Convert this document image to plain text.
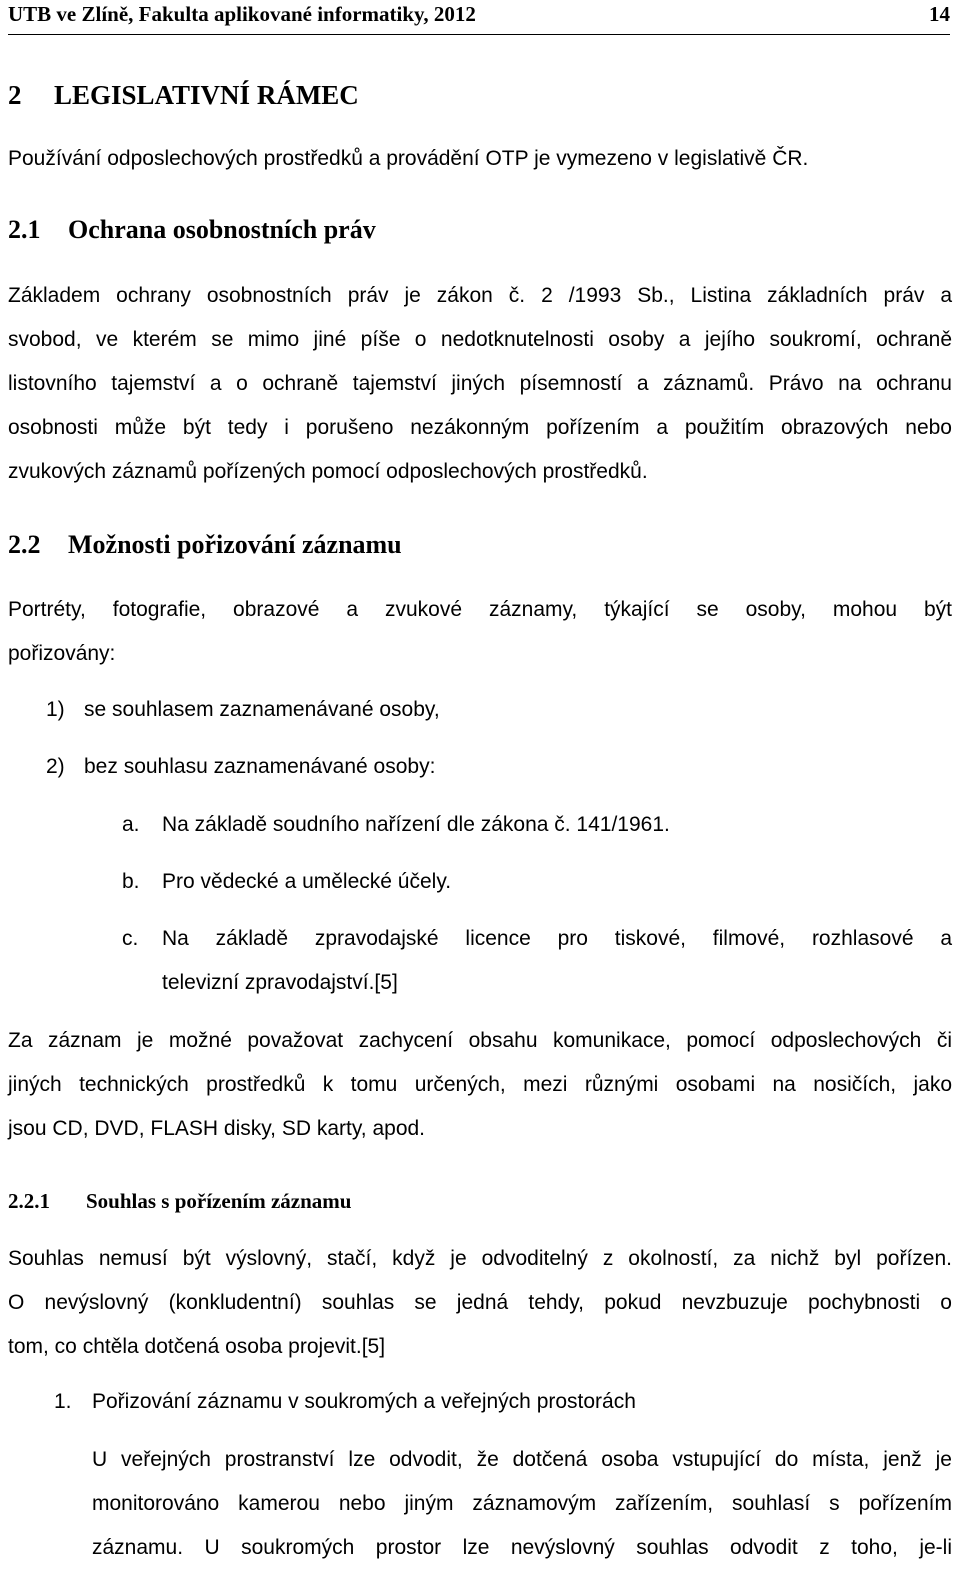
UTB ve Zlíně, Fakulta aplikované informatiky, 2012	14
2 LEGISLATIVNÍ RÁMEC
Používání odposlechových prostředků a provádění OTP je vymezeno v legislativě ČR.
2.1 Ochrana osobnostních práv
Základem ochrany osobnostních práv je zákon č. 2 /1993 Sb., Listina základních práv a
svobod, ve kterém se mimo jiné píše o nedotknutelnosti osoby a jejího soukromí, ochraně
listovního tajemství a o ochraně tajemství jiných písemností a záznamů. Právo na ochranu
osobnosti může být tedy i porušeno nezákonným pořízením a použitím obrazových nebo
zvukových záznamů pořízených pomocí odposlechových prostředků.
2.2 Možnosti pořizování záznamu
Portréty, fotografie, obrazové a zvukové záznamy, týkající se osoby, mohou být
pořizovány:
1) se souhlasem zaznamenávané osoby,
2) bez souhlasu zaznamenávané osoby:
a. Na základě soudního nařízení dle zákona č. 141/1961.
b. Pro vědecké a umělecké účely.
c. Na základě zpravodajské licence pro tiskové, filmové, rozhlasové a
televizní zpravodajství.[5]
Za záznam je možné považovat zachycení obsahu komunikace, pomocí odposlechových či
jiných technických prostředků k tomu určených, mezi různými osobami na nosičích, jako
jsou CD, DVD, FLASH disky, SD karty, apod.
2.2.1 Souhlas s pořízením záznamu
Souhlas nemusí být výslovný, stačí, když je odvoditelný z okolností, za nichž byl pořízen.
O nevýslovný (konkludentní) souhlas se jedná tehdy, pokud nevzbuzuje pochybnosti o
tom, co chtěla dotčená osoba projevit.[5]
1. Pořizování záznamu v soukromých a veřejných prostorách
U veřejných prostranství lze odvodit, že dotčená osoba vstupující do místa, jenž je
monitorováno kamerou nebo jiným záznamovým zařízením, souhlasí s pořízením
záznamu. U soukromých prostor lze nevýslovný souhlas odvodit z toho, je-li
